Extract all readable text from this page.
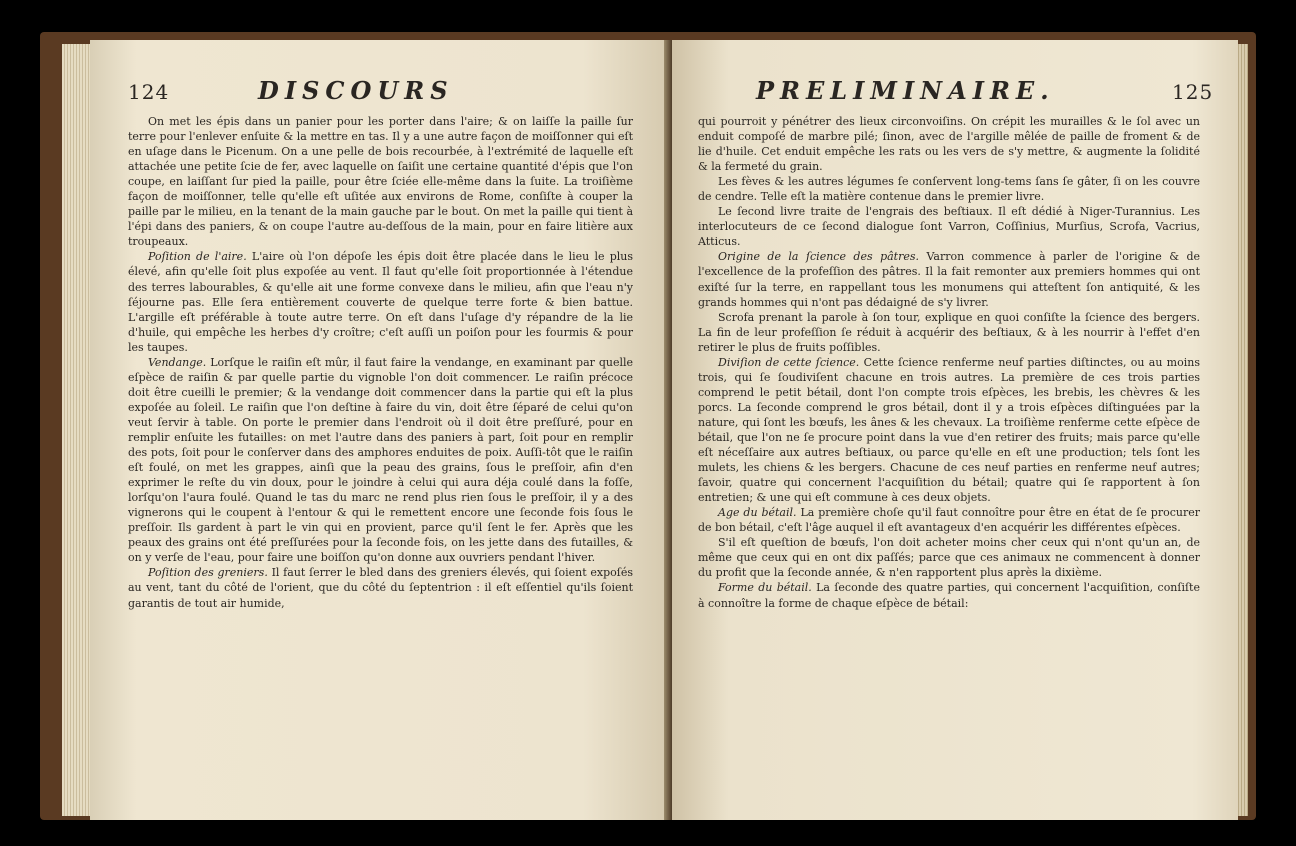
124	DISCOURS

On met les épis dans un panier pour les porter dans l'aire; & on laiſſe la paille ſur terre pour l'enlever enſuite & la mettre en tas. Il y a une autre façon de moiſſonner qui eſt en uſage dans le Picenum. On a une pelle de bois recourbée, à l'extrémité de laquelle eſt attachée une petite ſcie de fer, avec laquelle on ſaiſit une certaine quantité d'épis que l'on coupe, en laiſſant ſur pied la paille, pour être ſciée elle-même dans la ſuite. La troiſième façon de moiſſonner, telle qu'elle eſt uſitée aux environs de Rome, conſiſte à couper la paille par le milieu, en la tenant de la main gauche par le bout. On met la paille qui tient à l'épi dans des paniers, & on coupe l'autre au-deſſous de la main, pour en faire litière aux troupeaux.

Poſition de l'aire. L'aire où l'on dépoſe les épis doit être placée dans le lieu le plus élevé, afin qu'elle ſoit plus expoſée au vent. Il faut qu'elle ſoit proportionnée à l'étendue des terres labourables, & qu'elle ait une forme convexe dans le milieu, afin que l'eau n'y ſéjourne pas. Elle ſera entièrement couverte de quelque terre forte & bien battue. L'argille eſt préférable à toute autre terre. On eſt dans l'uſage d'y répandre de la lie d'huile, qui empêche les herbes d'y croître; c'eſt auſſi un poiſon pour les fourmis & pour les taupes.

Vendange. Lorſque le raiſin eſt mûr, il faut faire la vendange, en examinant par quelle eſpèce de raiſin & par quelle partie du vignoble l'on doit commencer. Le raiſin précoce doit être cueilli le premier; & la vendange doit commencer dans la partie qui eſt la plus expoſée au ſoleil. Le raiſin que l'on deſtine à faire du vin, doit être ſéparé de celui qu'on veut ſervir à table. On porte le premier dans l'endroit où il doit être preſſuré, pour en remplir enſuite les futailles: on met l'autre dans des paniers à part, ſoit pour en remplir des pots, ſoit pour le conſerver dans des amphores enduites de poix. Auſſi-tôt que le raiſin eſt foulé, on met les grappes, ainſi que la peau des grains, ſous le preſſoir, afin d'en exprimer le reſte du vin doux, pour le joindre à celui qui aura déja coulé dans la foſſe, lorſqu'on l'aura foulé. Quand le tas du marc ne rend plus rien ſous le preſſoir, il y a des vignerons qui le coupent à l'entour & qui le remettent encore une ſeconde fois ſous le preſſoir. Ils gardent à part le vin qui en provient, parce qu'il ſent le fer. Après que les peaux des grains ont été preſſurées pour la ſeconde fois, on les jette dans des futailles, & on y verſe de l'eau, pour faire une boiſſon qu'on donne aux ouvriers pendant l'hiver.

Poſition des greniers. Il faut ſerrer le bled dans des greniers élevés, qui ſoient expoſés au vent, tant du côté de l'orient, que du côté du ſeptentrion : il eſt eſſentiel qu'ils ſoient garantis de tout air humide,

PRELIMINAIRE.	125

qui pourroit y pénétrer des lieux circonvoiſins. On crépit les murailles & le ſol avec un enduit compoſé de marbre pilé; ſinon, avec de l'argille mêlée de paille de froment & de lie d'huile. Cet enduit empêche les rats ou les vers de s'y mettre, & augmente la ſolidité & la fermeté du grain.

Les fèves & les autres légumes ſe conſervent long-tems ſans ſe gâter, ſi on les couvre de cendre. Telle eſt la matière contenue dans le premier livre.

Le ſecond livre traite de l'engrais des beſtiaux. Il eſt dédié à Niger-Turannius. Les interlocuteurs de ce ſecond dialogue ſont Varron, Coſſinius, Murſius, Scrofa, Vacrius, Atticus.

Origine de la ſcience des pâtres. Varron commence à parler de l'origine & de l'excellence de la profeſſion des pâtres. Il la fait remonter aux premiers hommes qui ont exiſté ſur la terre, en rappellant tous les monumens qui atteſtent ſon antiquité, & les grands hommes qui n'ont pas dédaigné de s'y livrer.

Scrofa prenant la parole à ſon tour, explique en quoi conſiſte la ſcience des bergers. La fin de leur profeſſion ſe réduit à acquérir des beſtiaux, & à les nourrir à l'effet d'en retirer le plus de fruits poſſibles.

Diviſion de cette ſcience. Cette ſcience renferme neuf parties diſtinctes, ou au moins trois, qui ſe ſoudiviſent chacune en trois autres. La première de ces trois parties comprend le petit bétail, dont l'on compte trois eſpèces, les brebis, les chèvres & les porcs. La ſeconde comprend le gros bétail, dont il y a trois eſpèces diſtinguées par la nature, qui ſont les bœufs, les ânes & les chevaux. La troiſième renferme cette eſpèce de bétail, que l'on ne ſe procure point dans la vue d'en retirer des fruits; mais parce qu'elle eſt néceſſaire aux autres beſtiaux, ou parce qu'elle en eſt une production; tels ſont les mulets, les chiens & les bergers. Chacune de ces neuf parties en renferme neuf autres; ſavoir, quatre qui concernent l'acquiſition du bétail; quatre qui ſe rapportent à ſon entretien; & une qui eſt commune à ces deux objets.

Age du bétail. La première choſe qu'il faut connoître pour être en état de ſe procurer de bon bétail, c'eſt l'âge auquel il eſt avantageux d'en acquérir les différentes eſpèces.

S'il eſt queſtion de bœufs, l'on doit acheter moins cher ceux qui n'ont qu'un an, de même que ceux qui en ont dix paſſés; parce que ces animaux ne commencent à donner du profit que la ſeconde année, & n'en rapportent plus après la dixième.

Forme du bétail. La ſeconde des quatre parties, qui concernent l'acquiſition, conſiſte à connoître la forme de chaque eſpèce de bétail:
